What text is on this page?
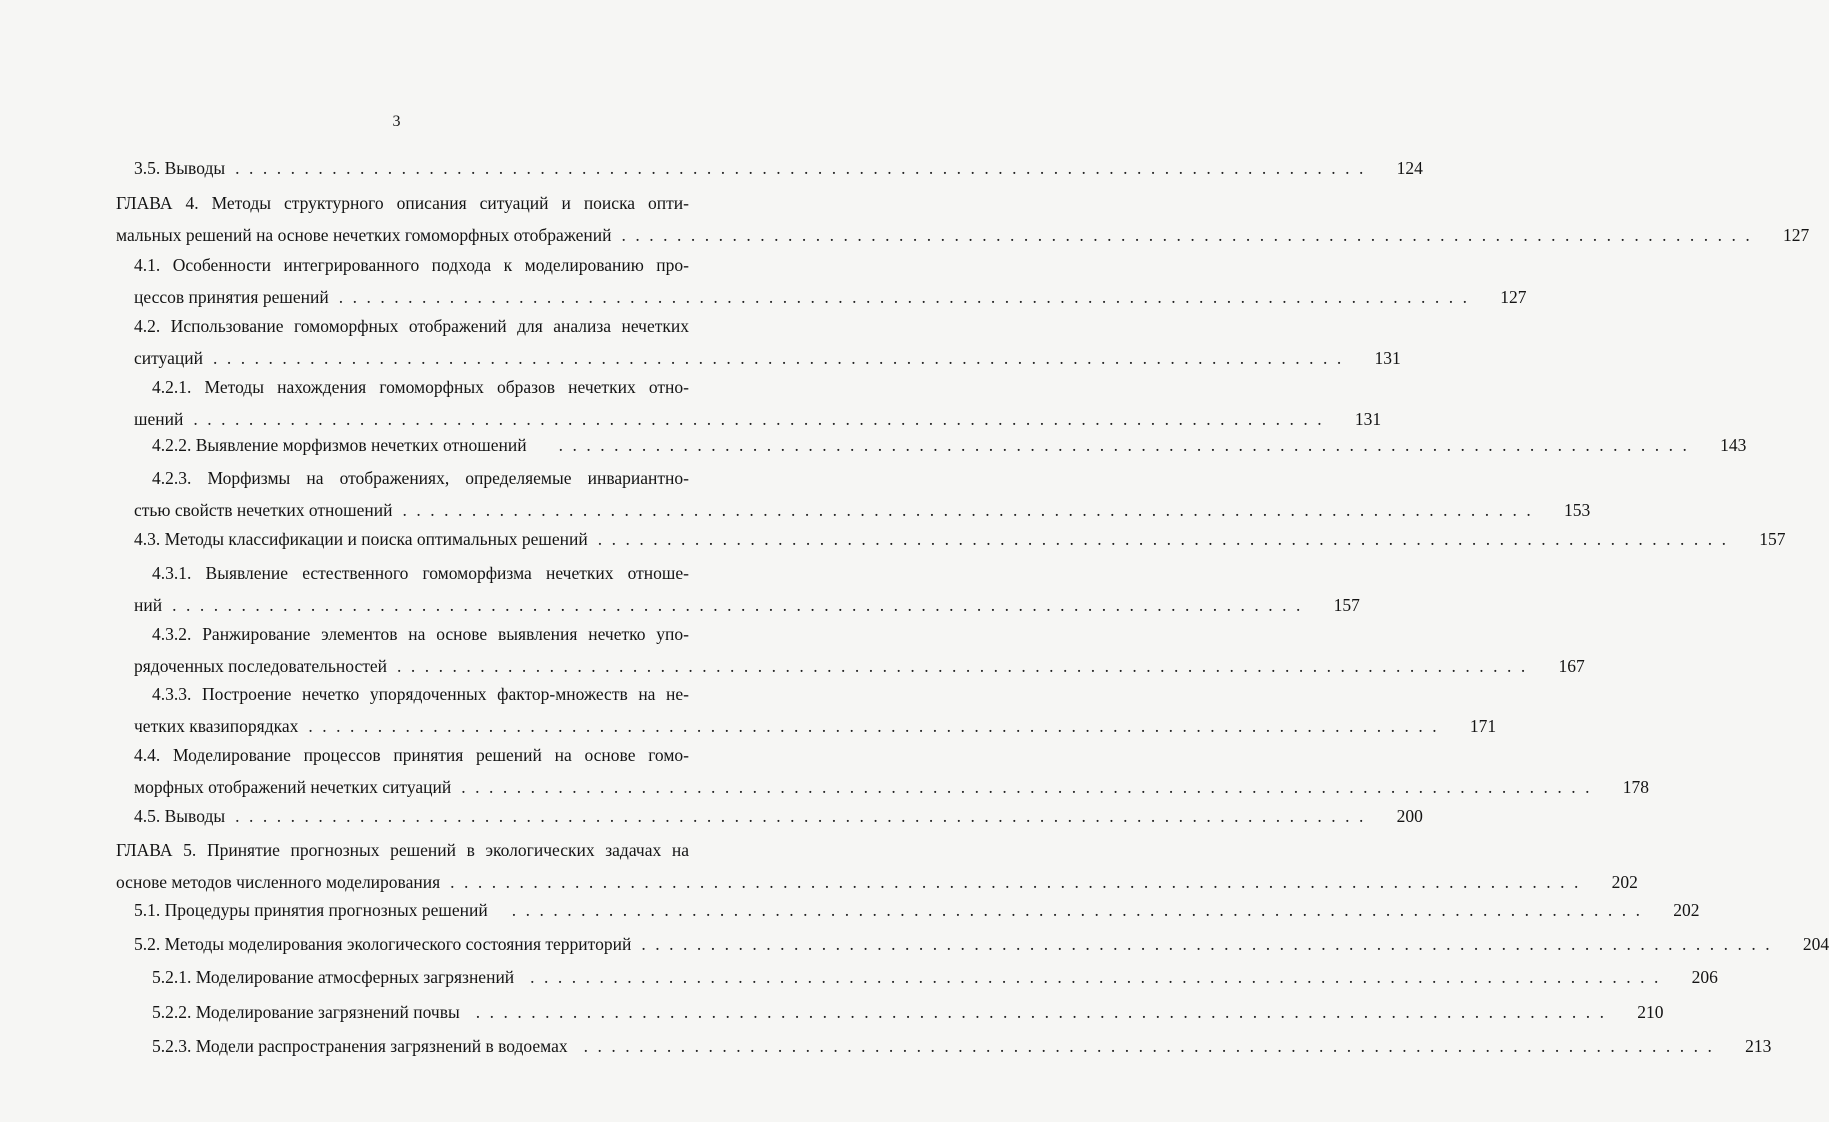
3
3.5. Выводы ..................................................................................	124
ГЛАВА 4. Методы структурного описания ситуаций и поиска опти-
мальных решений на основе нечетких гомоморфных отображений ..................................................................................	127
4.1. Особенности интегрированного подхода к моделированию про-
цессов принятия решений ..................................................................................	127
4.2. Использование гомоморфных отображений для анализа нечетких
ситуаций ..................................................................................	131
4.2.1. Методы нахождения гомоморфных образов нечетких отно-
шений ..................................................................................	131
4.2.2. Выявление морфизмов нечетких отношений ..................................................................................	143
4.2.3. Морфизмы на отображениях, определяемые инвариантно-
стью свойств нечетких отношений ..................................................................................	153
4.3. Методы классификации и поиска оптимальных решений ..................................................................................	157
4.3.1. Выявление естественного гомоморфизма нечетких отноше-
ний ..................................................................................	157
4.3.2. Ранжирование элементов на основе выявления нечетко упо-
рядоченных последовательностей ..................................................................................	167
4.3.3. Построение нечетко упорядоченных фактор-множеств на не-
четких квазипорядках ..................................................................................	171
4.4. Моделирование процессов принятия решений на основе гомо-
морфных отображений нечетких ситуаций ..................................................................................	178
4.5. Выводы ..................................................................................	200
ГЛАВА 5. Принятие прогнозных решений в экологических задачах на
основе методов численного моделирования ..................................................................................	202
5.1. Процедуры принятия прогнозных решений ..................................................................................	202
5.2. Методы моделирования экологического состояния территорий ..................................................................................	204
5.2.1. Моделирование атмосферных загрязнений ..................................................................................	206
5.2.2. Моделирование загрязнений почвы ..................................................................................	210
5.2.3. Модели распространения загрязнений в водоемах ..................................................................................	213
